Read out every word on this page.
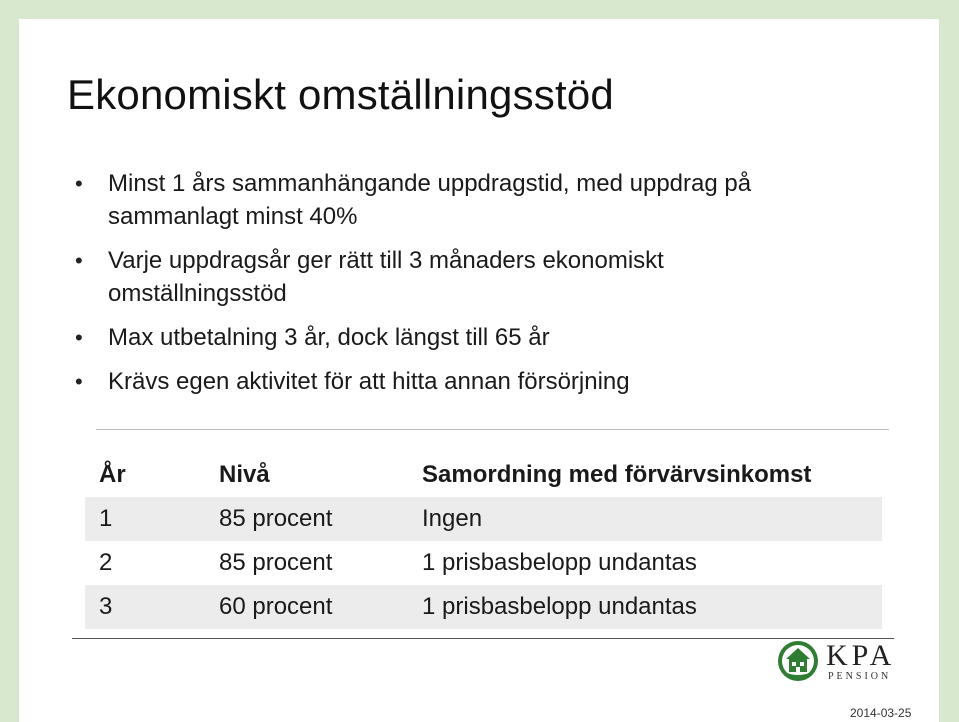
Ekonomiskt omställningsstöd
• Minst 1 års sammanhängande uppdragstid, med uppdrag på
sammanlagt minst 40%
• Varje uppdragsår ger rätt till 3 månaders ekonomiskt
omställningsstöd
• Max utbetalning 3 år, dock längst till 65 år
• Krävs egen aktivitet för att hitta annan försörjning
År	Nivå	Samordning med förvärvsinkomst
1	85 procent	Ingen
2	85 procent	1 prisbasbelopp undantas
3	60 procent	1 prisbasbelopp undantas
KPA
PENSION
2014-03-25
